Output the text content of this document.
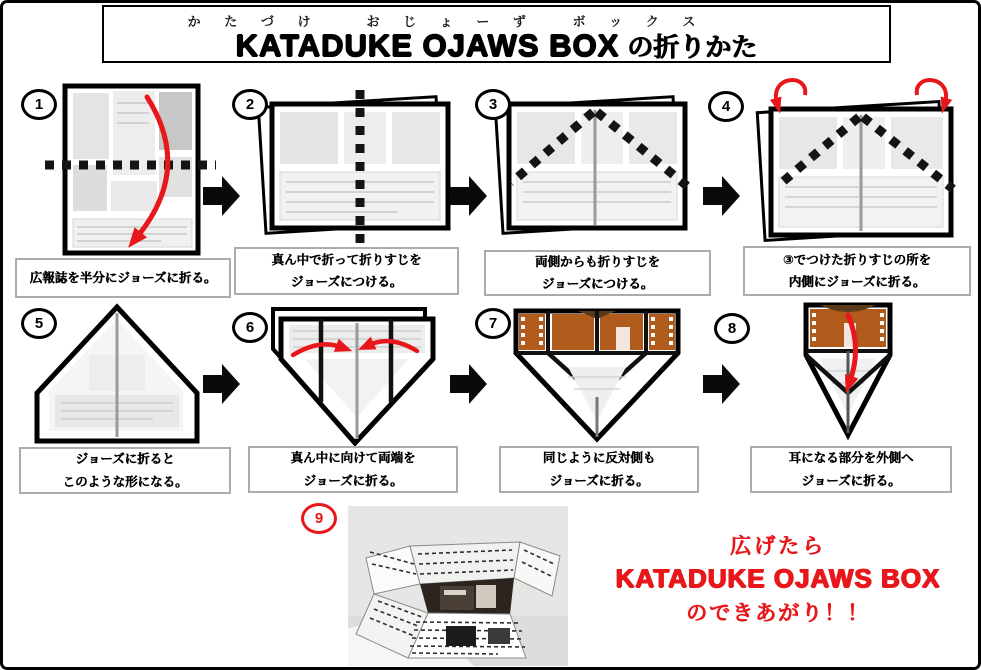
か た づ け　　お じ ょ ー ず　 ボ ッ ク ス
KATADUKE OJAWS BOX の折りかた
1	2	3	4
5	6	7	8
9
広報誌を半分にジョーズに折る。
真ん中で折って折りすじを
ジョーズにつける。
両側からも折りすじを
ジョーズにつける。
③でつけた折りすじの所を
内側にジョーズに折る。
ジョーズに折ると
このような形になる。
真ん中に向けて両端を
ジョーズに折る。
同じように反対側も
ジョーズに折る。
耳になる部分を外側へ
ジョーズに折る。
広げたら
KATADUKE OJAWS BOX
のできあがり！！
